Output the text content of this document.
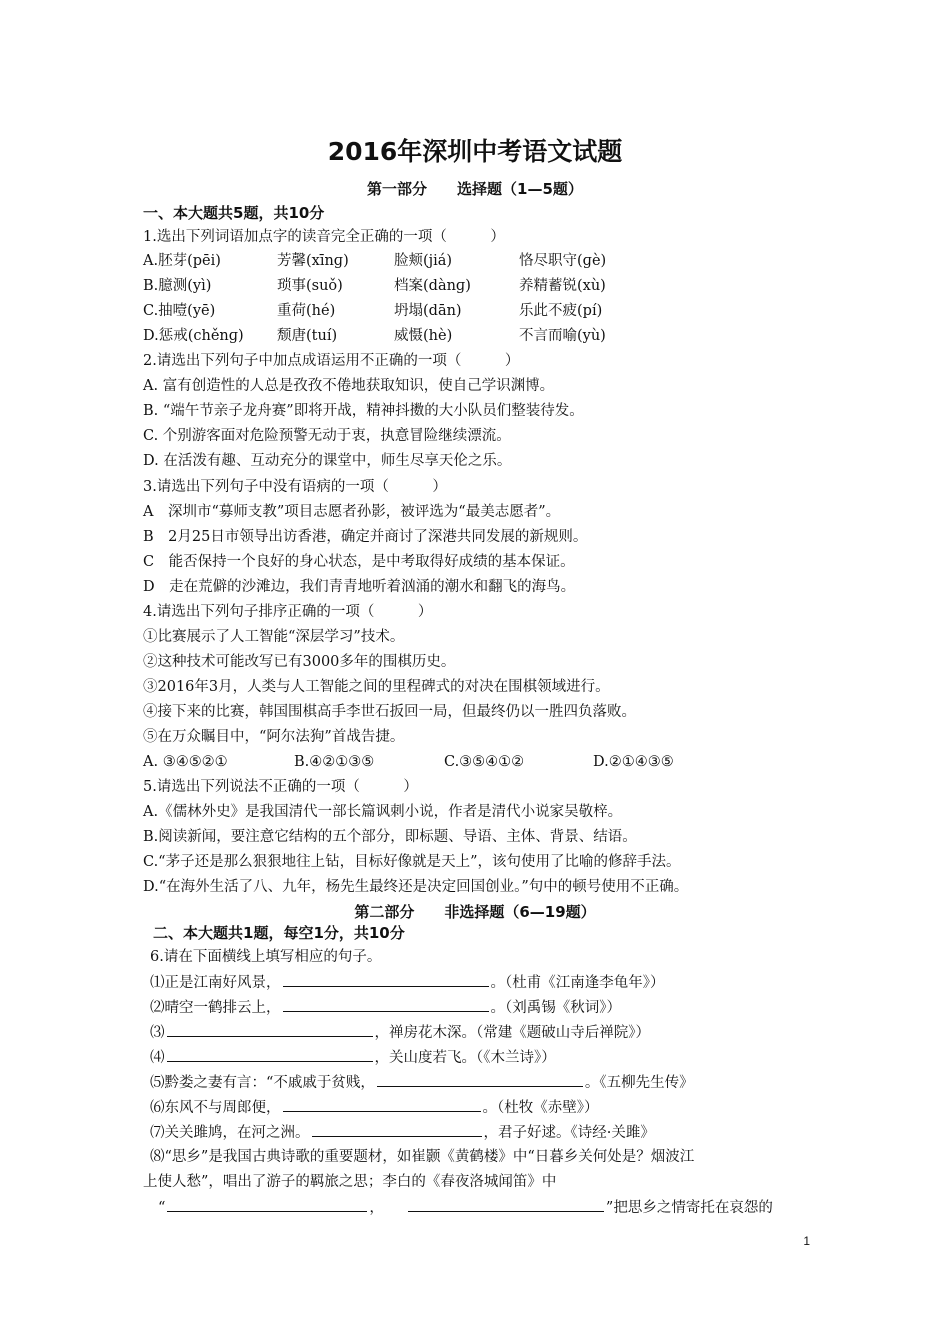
2016年深圳中考语文试题
第一部分　　选择题（1—5题）
一、本大题共5题，共10分
1.选出下列词语加点字的读音完全正确的一项（　　　）
A.胚芽(pēi)	芳馨(xīnɡ)	脸颊(jiá)	恪尽职守(ɡè)
B.臆测(yì)	琐事(suǒ)	档案(dànɡ)	养精蓄锐(xù)
C.抽噎(yē)	重荷(hé)	坍塌(dān)	乐此不疲(pí)
D.惩戒(chěnɡ) 颓唐(tuí)	威慑(hè)	不言而喻(yù)
2.请选出下列句子中加点成语运用不正确的一项（　　　）
A. 富有创造性的人总是孜孜不倦地获取知识，使自己学识渊博。
B. “端午节亲子龙舟赛”即将开战，精神抖擞的大小队员们整装待发。
C. 个别游客面对危险预警无动于衷，执意冒险继续漂流。
D. 在活泼有趣、互动充分的课堂中，师生尽享天伦之乐。
3.请选出下列句子中没有语病的一项（　　　）
A　深圳市“募师支教”项目志愿者孙影，被评选为“最美志愿者”。
B　2月25日市领导出访香港，确定并商讨了深港共同发展的新规则。
C　能否保持一个良好的身心状态，是中考取得好成绩的基本保证。
D　走在荒僻的沙滩边，我们青青地听着汹涌的潮水和翻飞的海鸟。
4.请选出下列句子排序正确的一项（　　　）
①比赛展示了人工智能“深层学习”技术。
②这种技术可能改写已有3000多年的围棋历史。
③2016年3月，人类与人工智能之间的里程碑式的对决在围棋领域进行。
④接下来的比赛，韩国围棋高手李世石扳回一局，但最终仍以一胜四负落败。
⑤在万众瞩目中，“阿尔法狗”首战告捷。
A. ③④⑤②①	B.④②①③⑤	C.③⑤④①②	D.②①④③⑤
5.请选出下列说法不正确的一项（　　　）
A.《儒林外史》是我国清代一部长篇讽刺小说，作者是清代小说家吴敬梓。
B.阅读新闻，要注意它结构的五个部分，即标题、导语、主体、背景、结语。
C.“茅子还是那么狠狠地往上钻，目标好像就是天上”，该句使用了比喻的修辞手法。
D.“在海外生活了八、九年，杨先生最终还是决定回国创业。”句中的顿号使用不正确。
第二部分　　非选择题（6—19题）
二、本大题共1题，每空1分，共10分
6.请在下面横线上填写相应的句子。
⑴正是江南好风景，	。（杜甫《江南逢李龟年》）
⑵晴空一鹤排云上，	。（刘禹锡《秋词》）
⑶	，禅房花木深。（常建《题破山寺后禅院》）
⑷	，关山度若飞。（《木兰诗》）
⑸黔娄之妻有言：“不戚戚于贫贱，	。《五柳先生传》
⑹东风不与周郎便，	。（杜牧《赤壁》）
⑺关关雎鸠，在河之洲。	，君子好逑。《诗经·关雎》
⑻“思乡”是我国古典诗歌的重要题材，如崔颢《黄鹤楼》中“日暮乡关何处是？烟波江
上使人愁”，唱出了游子的羁旅之思；李白的《春夜洛城闻笛》中
“	，	”把思乡之情寄托在哀怨的
1
